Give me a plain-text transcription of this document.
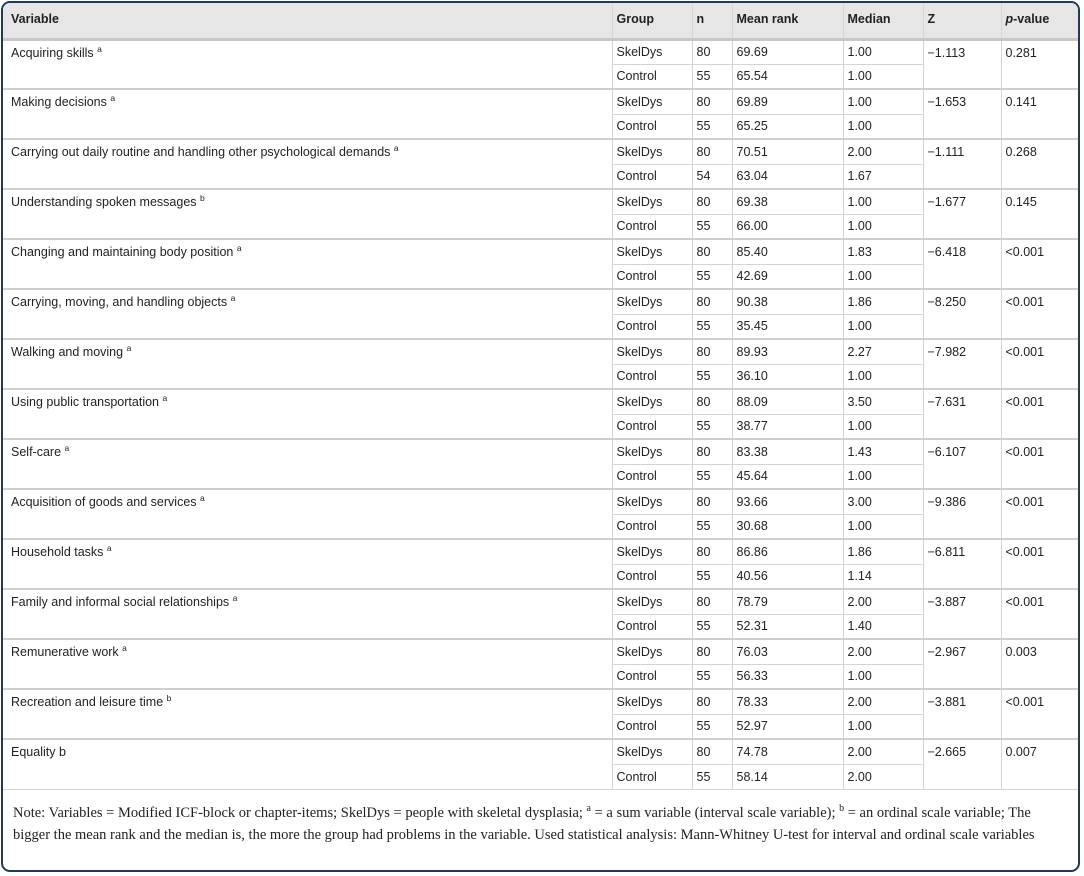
Variable	Group	n	Mean rank	Median	Z	p-value
Acquiring skills $^a$	SkelDys	80	69.69	1.00	−1.113	0.281
	Control	55	65.54	1.00		
Making decisions $^a$	SkelDys	80	69.89	1.00	−1.653	0.141
	Control	55	65.25	1.00		
Carrying out daily routine and handling other psychological demands $^a$	SkelDys	80	70.51	2.00	−1.111	0.268
	Control	54	63.04	1.67		
Understanding spoken messages $^b$	SkelDys	80	69.38	1.00	−1.677	0.145
	Control	55	66.00	1.00		
Changing and maintaining body position $^a$	SkelDys	80	85.40	1.83	−6.418	<0.001
	Control	55	42.69	1.00		
Carrying, moving, and handling objects $^a$	SkelDys	80	90.38	1.86	−8.250	<0.001
	Control	55	35.45	1.00		
Walking and moving $^a$	SkelDys	80	89.93	2.27	−7.982	<0.001
	Control	55	36.10	1.00		
Using public transportation $^a$	SkelDys	80	88.09	3.50	−7.631	<0.001
	Control	55	38.77	1.00		
Self-care $^a$	SkelDys	80	83.38	1.43	−6.107	<0.001
	Control	55	45.64	1.00		
Acquisition of goods and services $^a$	SkelDys	80	93.66	3.00	−9.386	<0.001
	Control	55	30.68	1.00		
Household tasks $^a$	SkelDys	80	86.86	1.86	−6.811	<0.001
	Control	55	40.56	1.14		
Family and informal social relationships $^a$	SkelDys	80	78.79	2.00	−3.887	<0.001
	Control	55	52.31	1.40		
Remunerative work $^a$	SkelDys	80	76.03	2.00	−2.967	0.003
	Control	55	56.33	1.00		
Recreation and leisure time $^b$	SkelDys	80	78.33	2.00	−3.881	<0.001
	Control	55	52.97	1.00		
Equality b	SkelDys	80	74.78	2.00	−2.665	0.007
	Control	55	58.14	2.00		
Note: Variables = Modified ICF-block or chapter-items; SkelDys = people with skeletal dysplasia; $^a$ = a sum variable (interval scale variable); $^b$ = an ordinal scale variable; The bigger the mean rank and the median is, the more the group had problems in the variable. Used statistical analysis: Mann-Whitney U-test for interval and ordinal scale variables
